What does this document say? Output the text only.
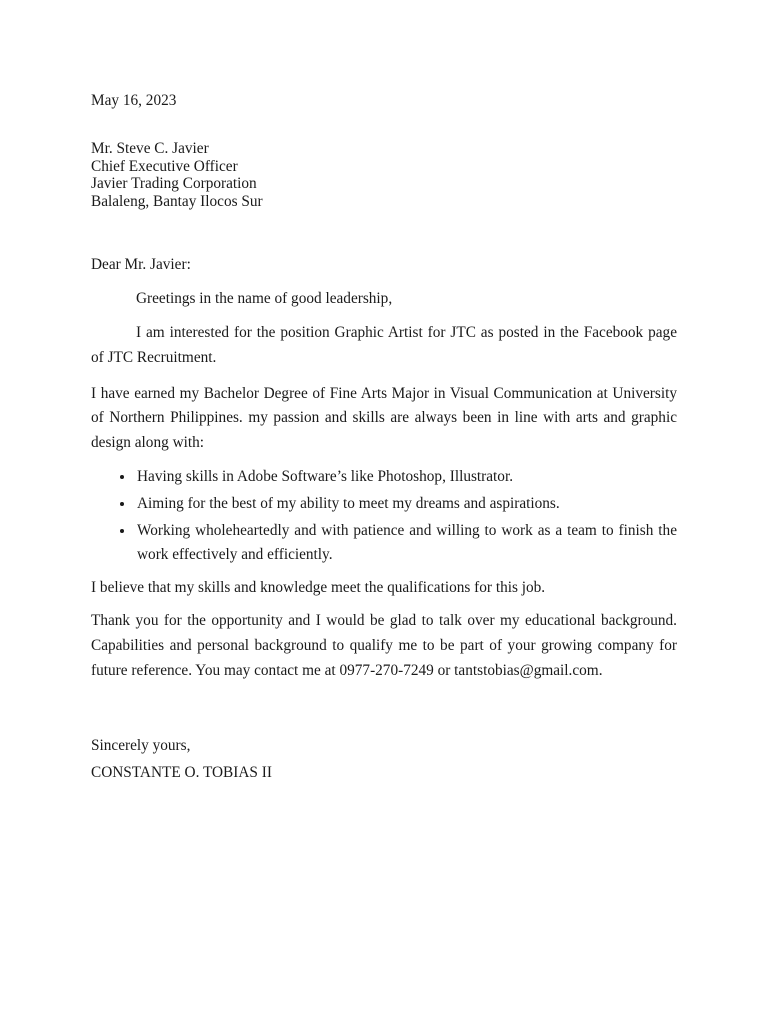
May 16, 2023

Mr. Steve C. Javier

Chief Executive Officer

Javier Trading Corporation

Balaleng, Bantay Ilocos Sur

Dear Mr. Javier:

Greetings in the name of good leadership,

I am interested for the position Graphic Artist for JTC as posted in the Facebook page of JTC Recruitment.

I have earned my Bachelor Degree of Fine Arts Major in Visual Communication at University of Northern Philippines. my passion and skills are always been in line with arts and graphic design along with:

• Having skills in Adobe Software’s like Photoshop, Illustrator.
• Aiming for the best of my ability to meet my dreams and aspirations.
• Working wholeheartedly and with patience and willing to work as a team to finish the work effectively and efficiently.

I believe that my skills and knowledge meet the qualifications for this job.

Thank you for the opportunity and I would be glad to talk over my educational background. Capabilities and personal background to qualify me to be part of your growing company for future reference. You may contact me at 0977-270-7249 or tantstobias@gmail.com.

Sincerely yours,

CONSTANTE O. TOBIAS II
